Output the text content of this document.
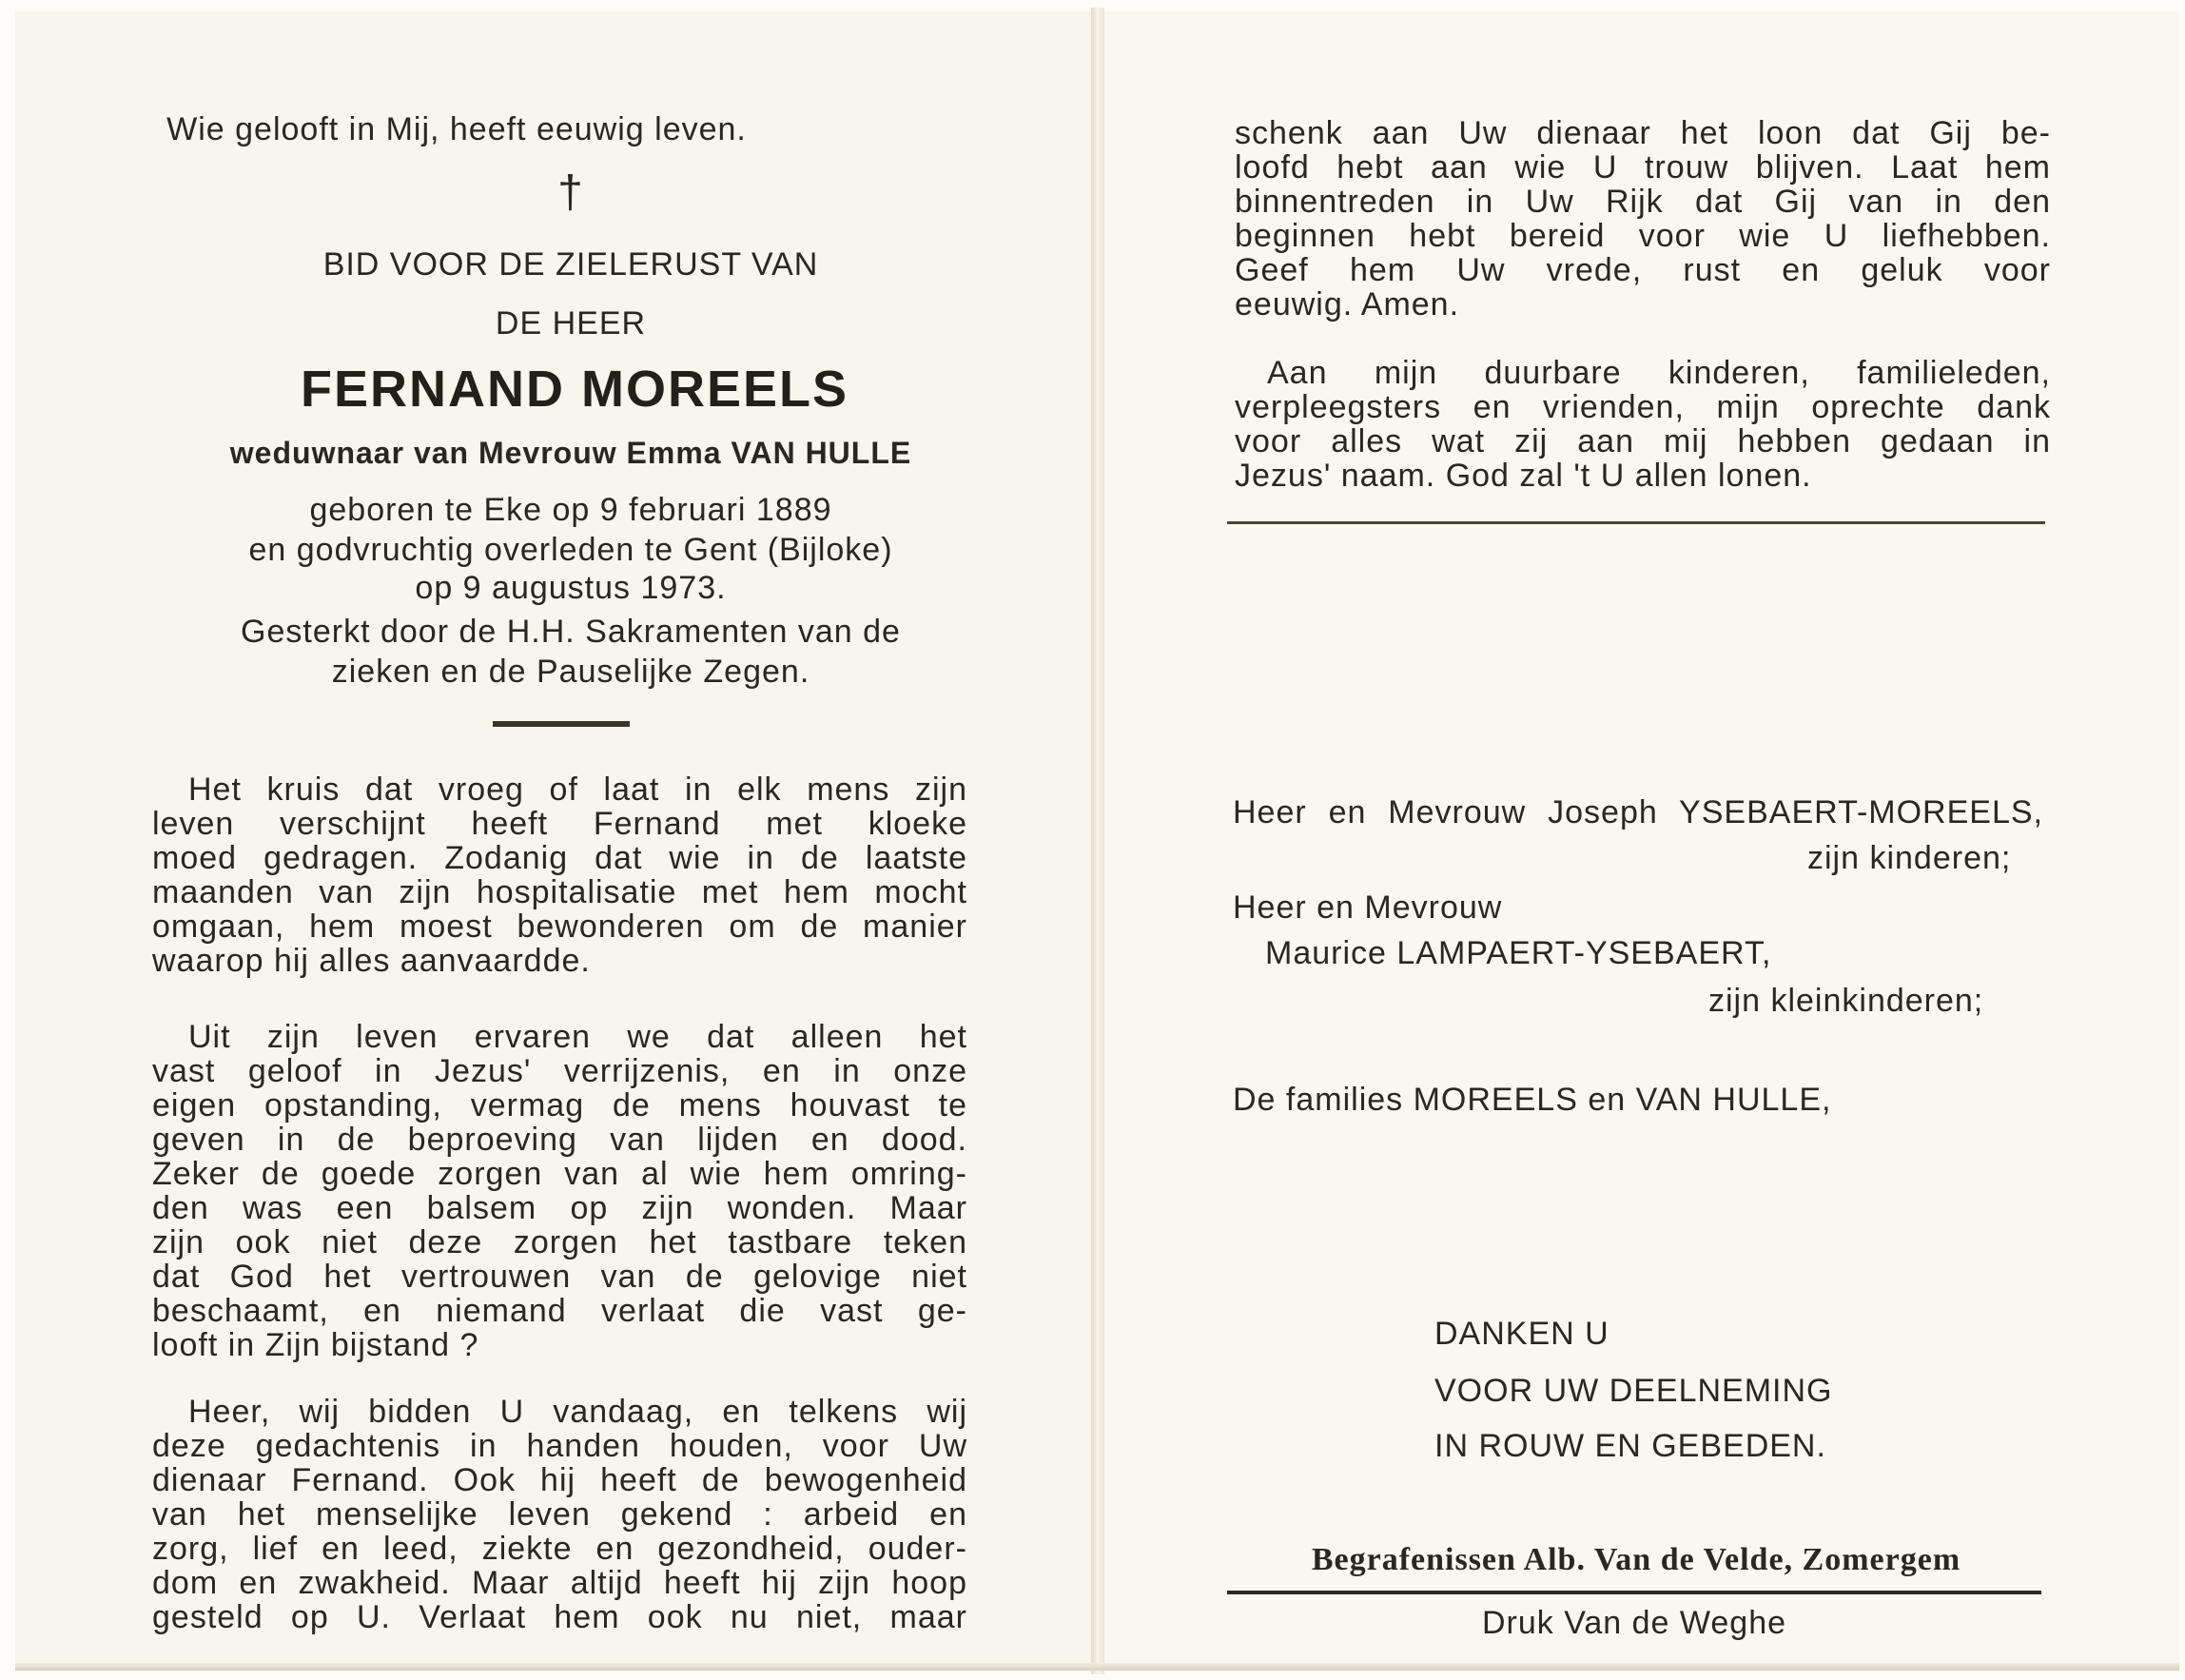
Wie gelooft in Mij, heeft eeuwig leven.

†

BID VOOR DE ZIELERUST VAN

DE HEER

FERNAND MOREELS

weduwnaar van Mevrouw Emma VAN HULLE

geboren te Eke op 9 februari 1889

en godvruchtig overleden te Gent (Bijloke)

op 9 augustus 1973.

Gesterkt door de H.H. Sakramenten van de

zieken en de Pauselijke Zegen.

Het kruis dat vroeg of laat in elk mens zijn
leven verschijnt heeft Fernand met kloeke
moed gedragen. Zodanig dat wie in de laatste
maanden van zijn hospitalisatie met hem mocht
omgaan, hem moest bewonderen om de manier
waarop hij alles aanvaardde.
Uit zijn leven ervaren we dat alleen het
vast geloof in Jezus' verrijzenis, en in onze
eigen opstanding, vermag de mens houvast te
geven in de beproeving van lijden en dood.
Zeker de goede zorgen van al wie hem omring-
den was een balsem op zijn wonden. Maar
zijn ook niet deze zorgen het tastbare teken
dat God het vertrouwen van de gelovige niet
beschaamt, en niemand verlaat die vast ge-
looft in Zijn bijstand ?
Heer, wij bidden U vandaag, en telkens wij
deze gedachtenis in handen houden, voor Uw
dienaar Fernand. Ook hij heeft de bewogenheid
van het menselijke leven gekend : arbeid en
zorg, lief en leed, ziekte en gezondheid, ouder-
dom en zwakheid. Maar altijd heeft hij zijn hoop
gesteld op U. Verlaat hem ook nu niet, maar
schenk aan Uw dienaar het loon dat Gij be-
loofd hebt aan wie U trouw blijven. Laat hem
binnentreden in Uw Rijk dat Gij van in den
beginnen hebt bereid voor wie U liefhebben.
Geef hem Uw vrede, rust en geluk voor
eeuwig. Amen.
Aan mijn duurbare kinderen, familieleden,
verpleegsters en vrienden, mijn oprechte dank
voor alles wat zij aan mij hebben gedaan in
Jezus' naam. God zal 't U allen lonen.
Heer en Mevrouw Joseph YSEBAERT-MOREELS,

zijn kinderen;

Heer en Mevrouw

Maurice LAMPAERT-YSEBAERT,

zijn kleinkinderen;

De families MOREELS en VAN HULLE,

DANKEN U

VOOR UW DEELNEMING

IN ROUW EN GEBEDEN.

Begrafenissen Alb. Van de Velde, Zomergem

Druk Van de Weghe
